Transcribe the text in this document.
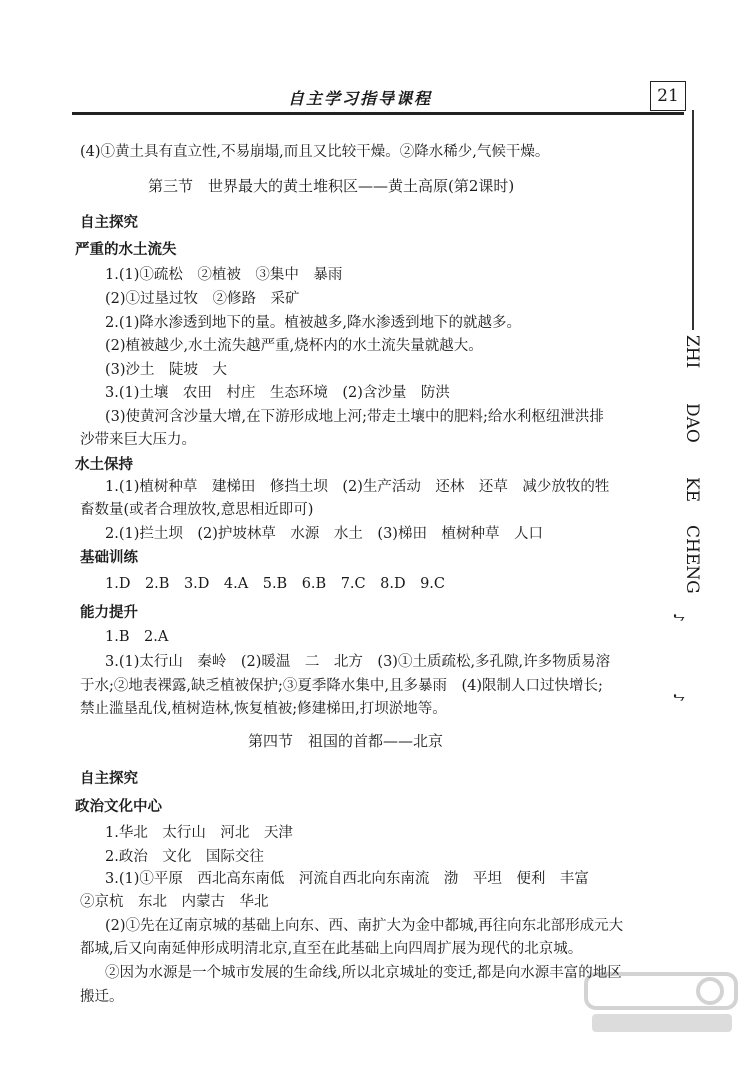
自主学习指导课程	21
ZHI
DAO
KE
CHENG
♪
♪
(4)①黄土具有直立性,不易崩塌,而且又比较干燥。②降水稀少,气候干燥。
第三节　世界最大的黄土堆积区——黄土高原(第2课时)
自主探究
严重的水土流失
1.(1)①疏松　②植被　③集中　暴雨
(2)①过垦过牧　②修路　采矿
2.(1)降水渗透到地下的量。植被越多,降水渗透到地下的就越多。
(2)植被越少,水土流失越严重,烧杯内的水土流失量就越大。
(3)沙土　陡坡　大
3.(1)土壤　农田　村庄　生态环境　(2)含沙量　防洪
(3)使黄河含沙量大增,在下游形成地上河;带走土壤中的肥料;给水利枢纽泄洪排
沙带来巨大压力。
水土保持
1.(1)植树种草　建梯田　修挡土坝　(2)生产活动　还林　还草　减少放牧的牲
畜数量(或者合理放牧,意思相近即可)
2.(1)拦土坝　(2)护坡林草　水源　水土　(3)梯田　植树种草　人口
基础训练
1.D　2.B　3.D　4.A　5.B　6.B　7.C　8.D　9.C
能力提升
1.B　2.A
3.(1)太行山　秦岭　(2)暖温　二　北方　(3)①土质疏松,多孔隙,许多物质易溶
于水;②地表裸露,缺乏植被保护;③夏季降水集中,且多暴雨　(4)限制人口过快增长;
禁止滥垦乱伐,植树造林,恢复植被;修建梯田,打坝淤地等。
第四节　祖国的首都——北京
自主探究
政治文化中心
1.华北　太行山　河北　天津
2.政治　文化　国际交往
3.(1)①平原　西北高东南低　河流自西北向东南流　渤　平坦　便利　丰富
②京杭　东北　内蒙古　华北
(2)①先在辽南京城的基础上向东、西、南扩大为金中都城,再往向东北部形成元大
都城,后又向南延伸形成明清北京,直至在此基础上向四周扩展为现代的北京城。
②因为水源是一个城市发展的生命线,所以北京城址的变迁,都是向水源丰富的地区
搬迁。
